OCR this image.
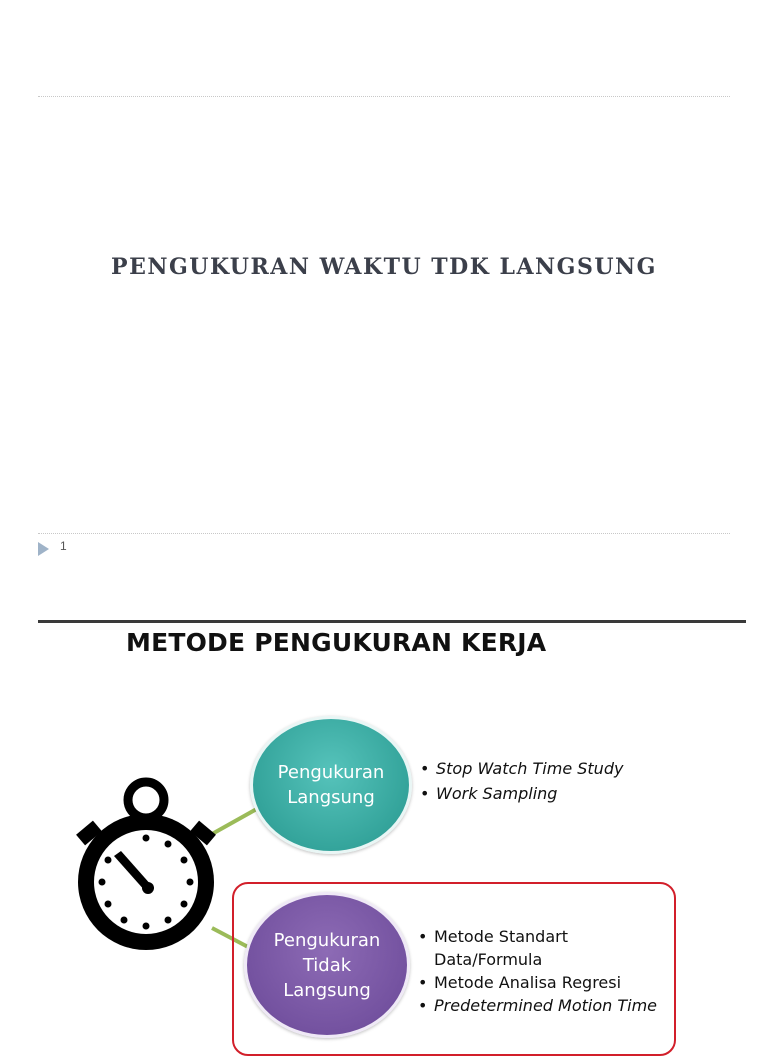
PENGUKURAN WAKTU TDK LANGSUNG
1
METODE PENGUKURAN KERJA
Pengukuran
Langsung
• Stop Watch Time Study
• Work Sampling
Pengukuran
Tidak
Langsung
• Metode Standart
Data/Formula
• Metode Analisa Regresi
• Predetermined Motion Time
